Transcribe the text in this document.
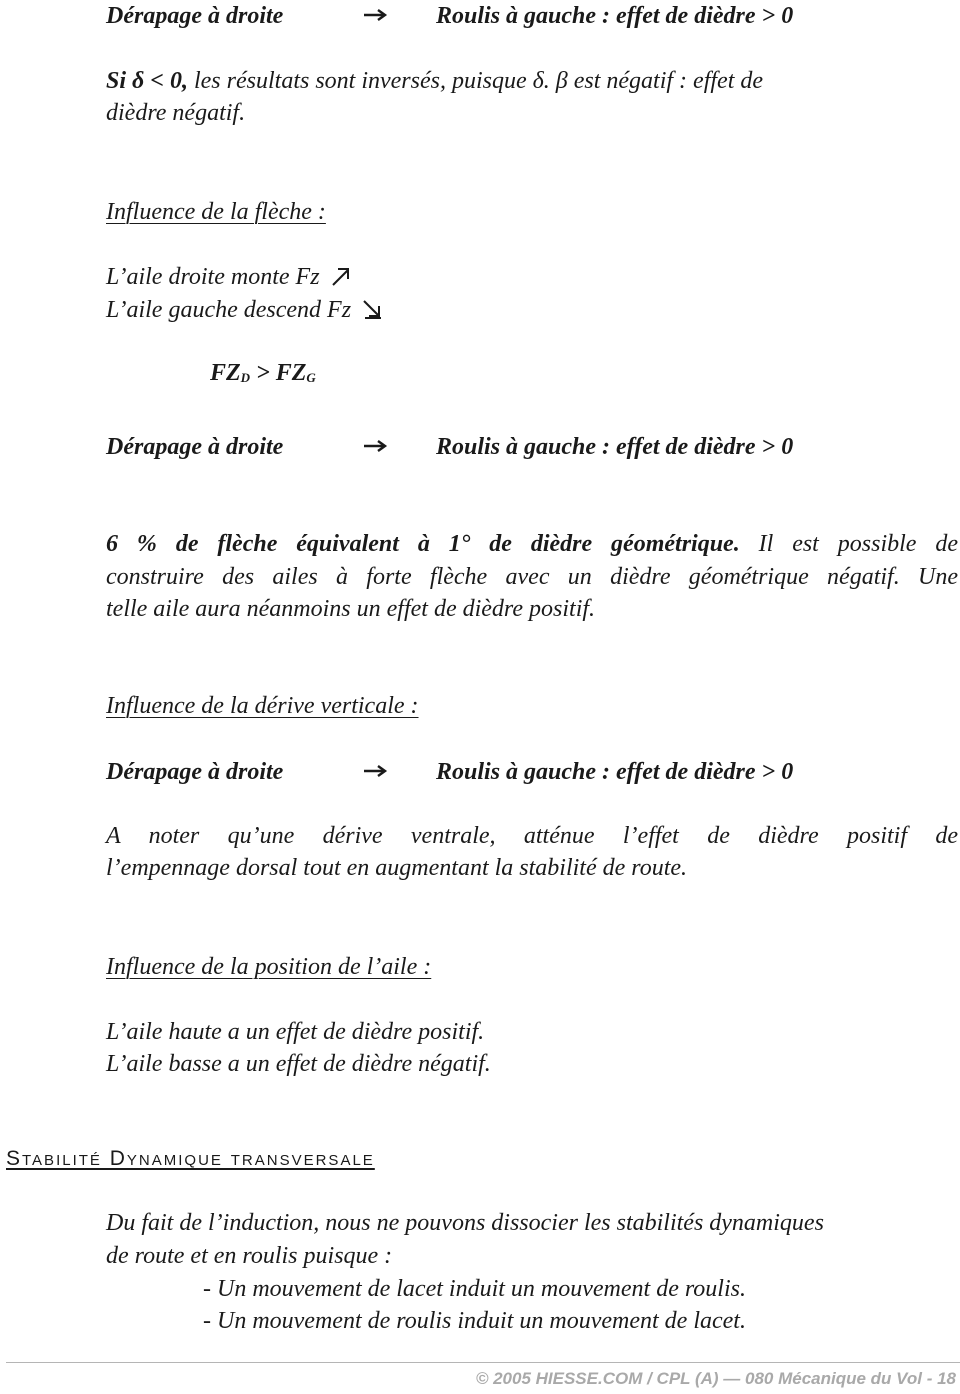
Dérapage à droite	Roulis à gauche : effet de dièdre > 0
Si δ < 0, les résultats sont inversés, puisque δ. β est négatif : effet de
dièdre négatif.
Influence de la flèche :
L’aile droite monte Fz
L’aile gauche descend Fz
$FZ_D > FZ_G$
Dérapage à droite	Roulis à gauche : effet de dièdre > 0
6 % de flèche équivalent à 1° de dièdre géométrique. Il est possible de
construire des ailes à forte flèche avec un dièdre géométrique négatif. Une
telle aile aura néanmoins un effet de dièdre positif.
Influence de la dérive verticale :
Dérapage à droite	Roulis à gauche : effet de dièdre > 0
A noter qu’une dérive ventrale, atténue l’effet de dièdre positif de
l’empennage dorsal tout en augmentant la stabilité de route.
Influence de la position de l’aile :
L’aile haute a un effet de dièdre positif.
L’aile basse a un effet de dièdre négatif.
Stabilité Dynamique transversale
Du fait de l’induction, nous ne pouvons dissocier les stabilités dynamiques
de route et en roulis puisque :
- Un mouvement de lacet induit un mouvement de roulis.
- Un mouvement de roulis induit un mouvement de lacet.
© 2005 HIESSE.COM / CPL (A) — 080 Mécanique du Vol - 18
